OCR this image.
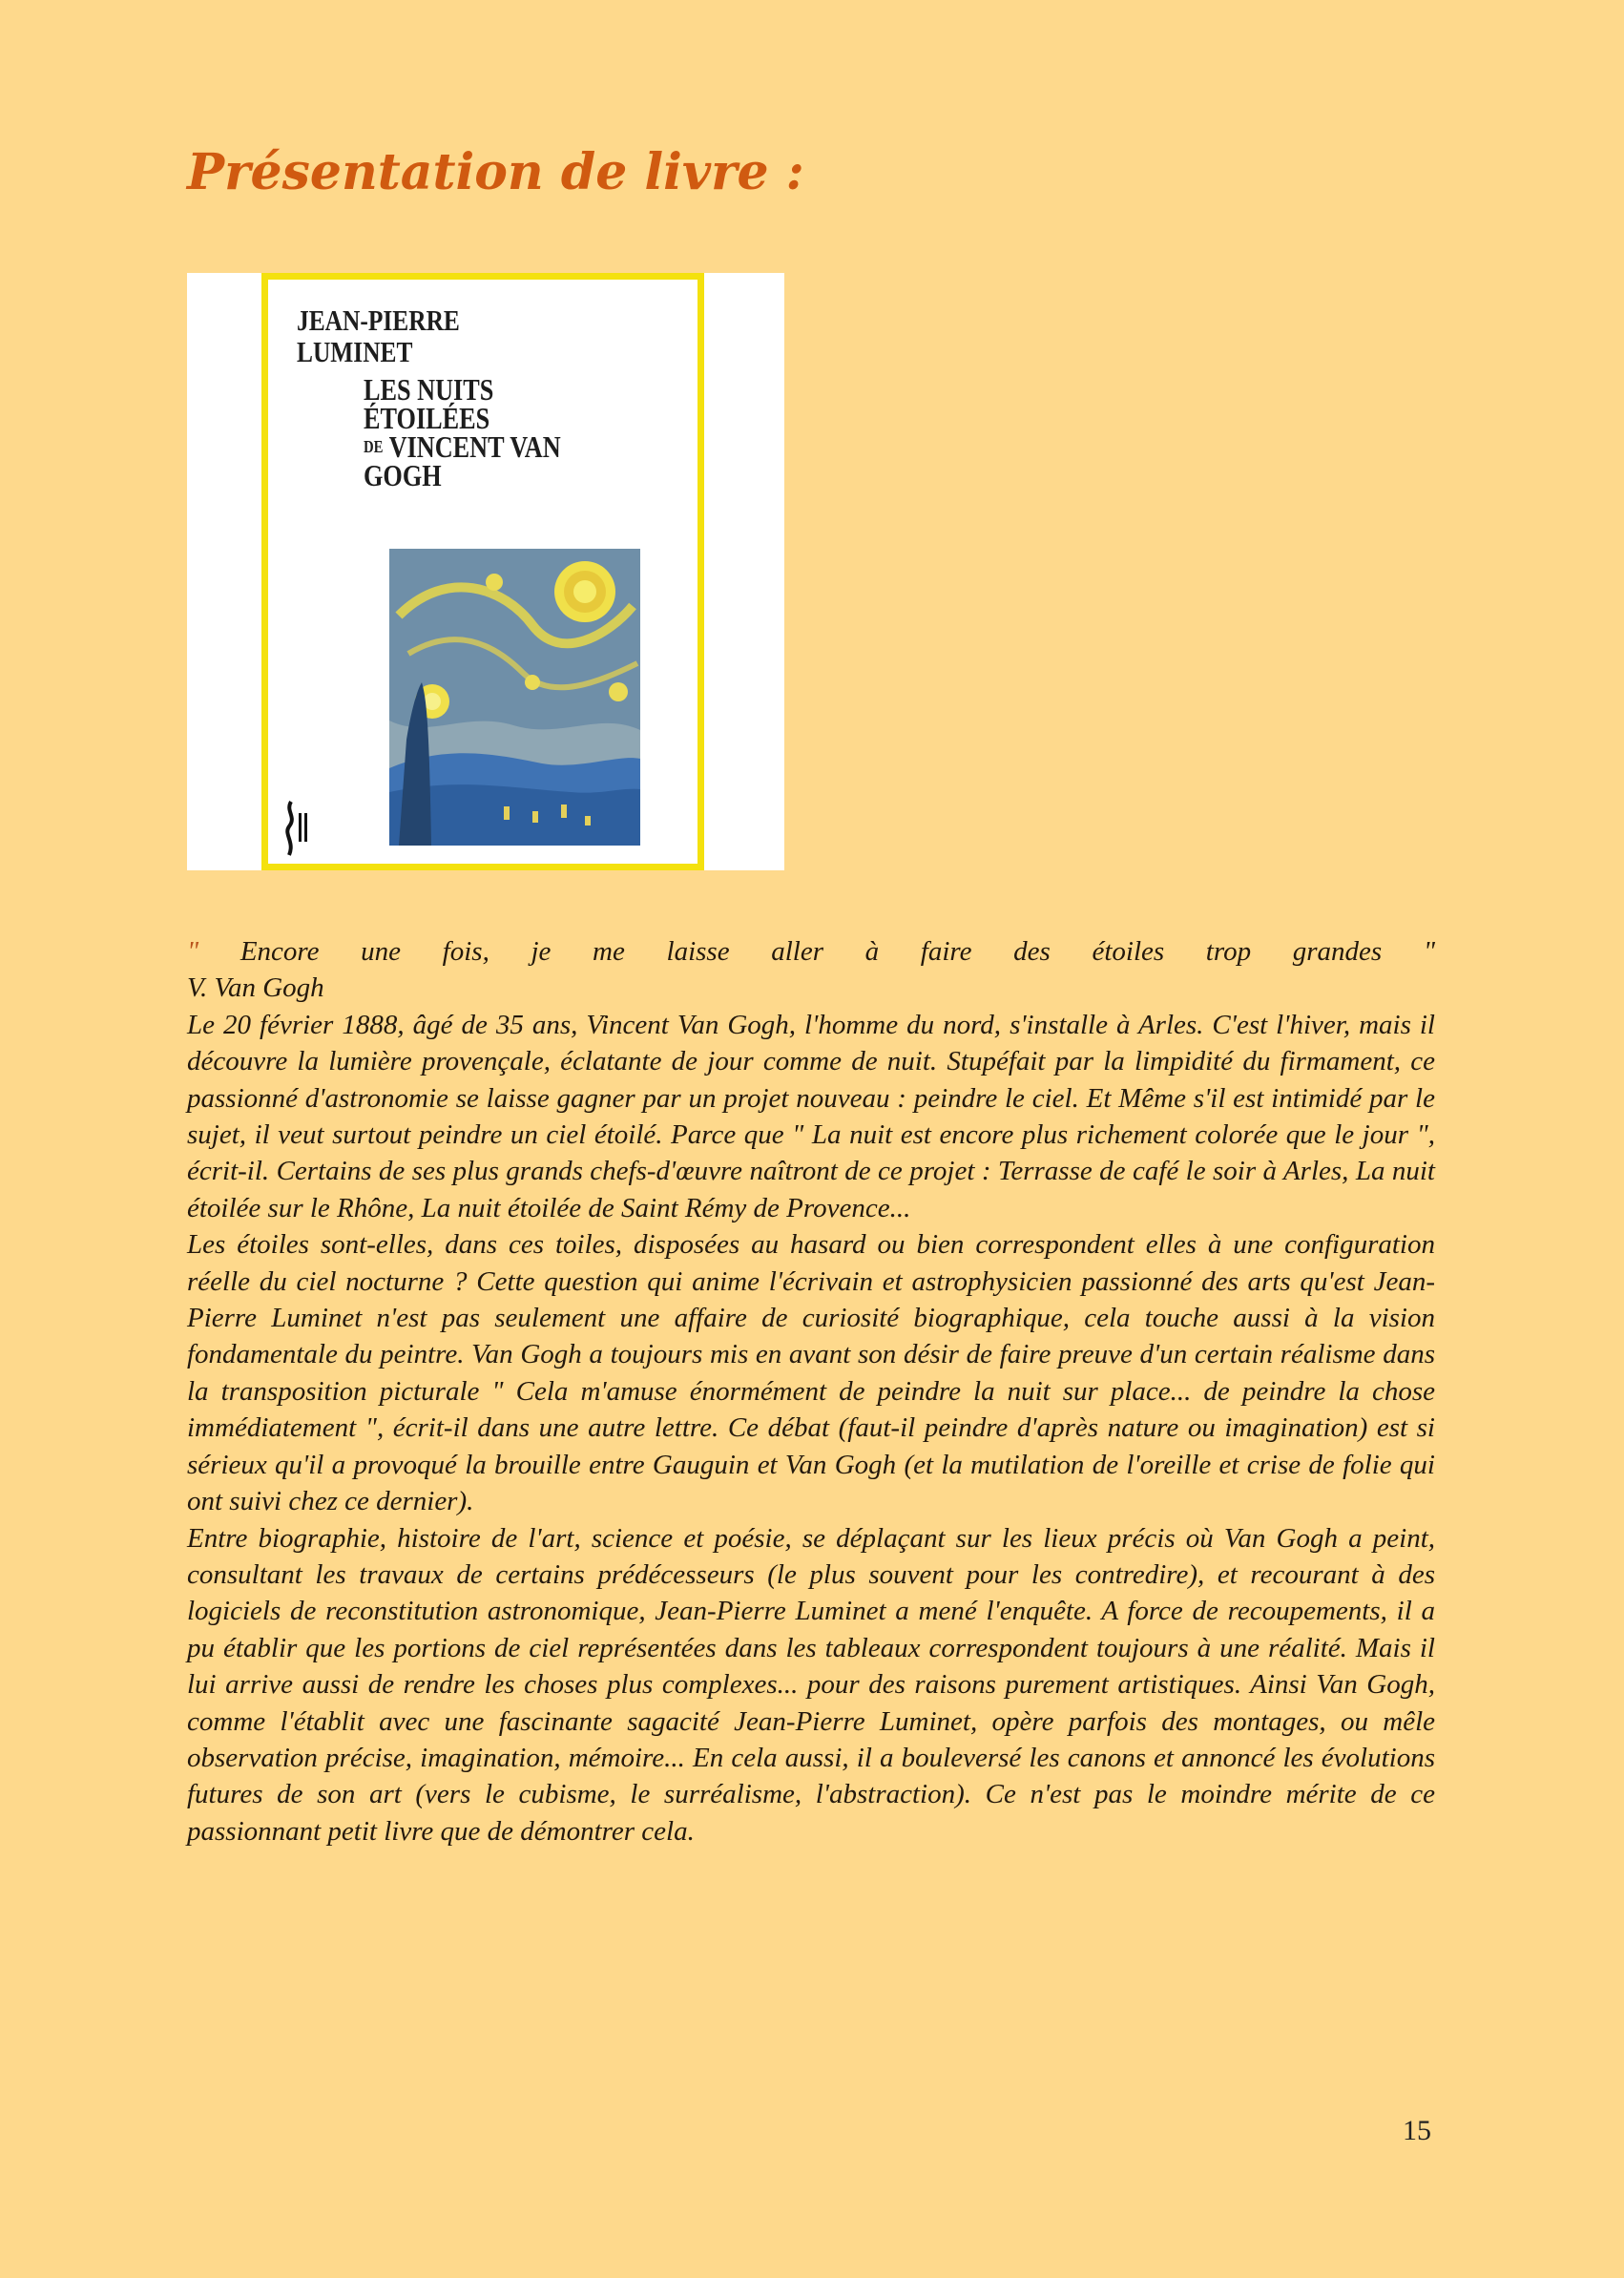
Présentation de livre :
JEAN-PIERRE
LUMINET
LES NUITS
ÉTOILÉES
$^{DE}$ VINCENT VAN GOGH

" Encore une fois, je me laisse aller à faire des étoiles trop grandes "

V. Van Gogh

Le 20 février 1888, âgé de 35 ans, Vincent Van Gogh, l'homme du nord, s'installe à Arles. C'est l'hiver, mais il découvre la lumière provençale, éclatante de jour comme de nuit. Stupéfait par la limpidité du firmament, ce passionné d'astronomie se laisse gagner par un projet nouveau : peindre le ciel. Et Même s'il est intimidé par le sujet, il veut surtout peindre un ciel étoilé. Parce que " La nuit est encore plus richement colorée que le jour ", écrit-il. Certains de ses plus grands chefs-d'œuvre naîtront de ce projet : Terrasse de café le soir à Arles, La nuit étoilée sur le Rhône, La nuit étoilée de Saint Rémy de Provence...

Les étoiles sont-elles, dans ces toiles, disposées au hasard ou bien correspondent elles à une configuration réelle du ciel nocturne ? Cette question qui anime l'écrivain et astrophysicien passionné des arts qu'est Jean-Pierre Luminet n'est pas seulement une affaire de curiosité biographique, cela touche aussi à la vision fondamentale du peintre. Van Gogh a toujours mis en avant son désir de faire preuve d'un certain réalisme dans la transposition picturale " Cela m'amuse énormément de peindre la nuit sur place... de peindre la chose immédiatement ", écrit-il dans une autre lettre. Ce débat (faut-il peindre d'après nature ou imagination) est si sérieux qu'il a provoqué la brouille entre Gauguin et Van Gogh (et la mutilation de l'oreille et crise de folie qui ont suivi chez ce dernier).

Entre biographie, histoire de l'art, science et poésie, se déplaçant sur les lieux précis où Van Gogh a peint, consultant les travaux de certains prédécesseurs (le plus souvent pour les contredire), et recourant à des logiciels de reconstitution astronomique, Jean-Pierre Luminet a mené l'enquête. A force de recoupements, il a pu établir que les portions de ciel représentées dans les tableaux correspondent toujours à une réalité. Mais il lui arrive aussi de rendre les choses plus complexes... pour des raisons purement artistiques. Ainsi Van Gogh, comme l'établit avec une fascinante sagacité Jean-Pierre Luminet, opère parfois des montages, ou mêle observation précise, imagination, mémoire... En cela aussi, il a bouleversé les canons et annoncé les évolutions futures de son art (vers le cubisme, le surréalisme, l'abstraction). Ce n'est pas le moindre mérite de ce passionnant petit livre que de démontrer cela.

15
